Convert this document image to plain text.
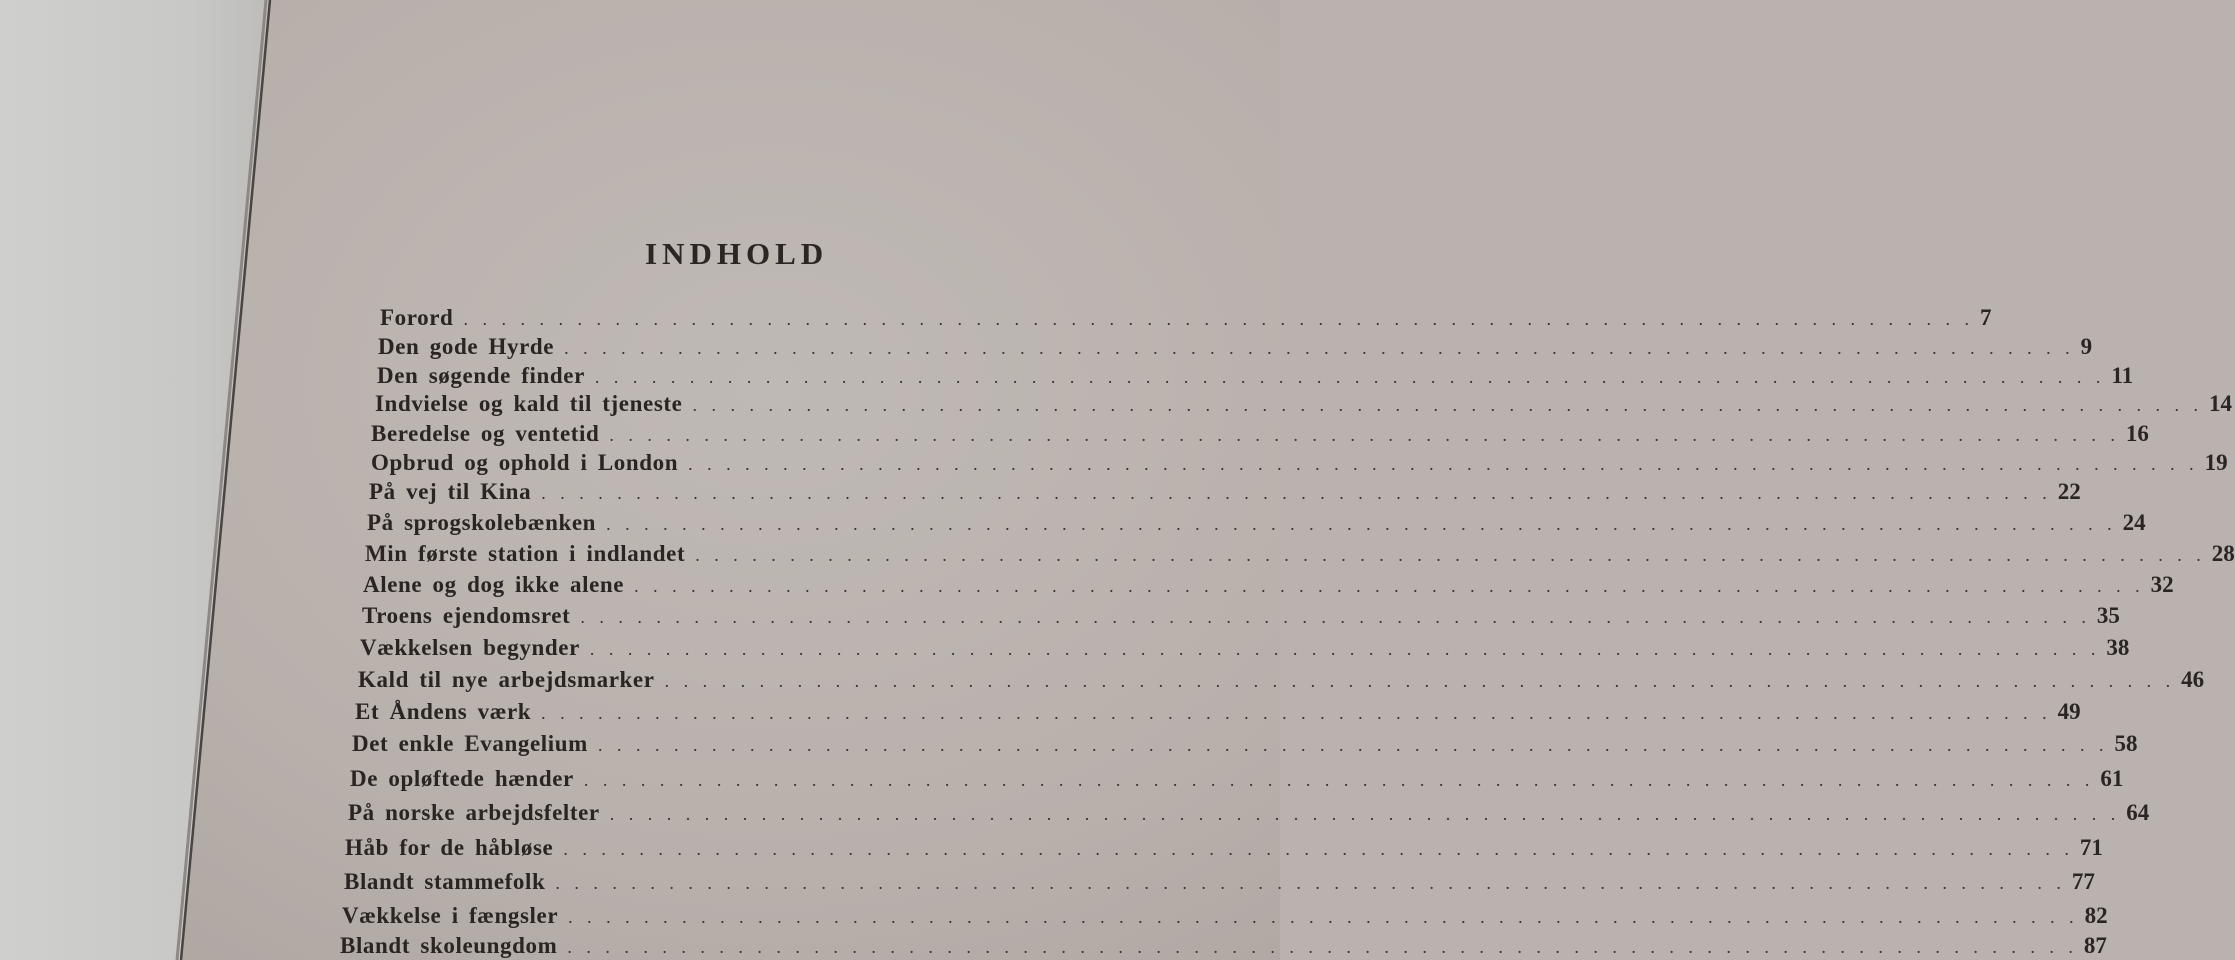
INDHOLD
Forord . . . . . . . . . . . . . . . . . . . . . . . . . . . . . . . . . . . . . . . . . . . . . . . . . . . . . . . . . . . . . . . . . . . . . . . . . . . . . . . . 7
Den gode Hyrde . . . . . . . . . . . . . . . . . . . . . . . . . . . . . . . . . . . . . . . . . . . . . . . . . . . . . . . . . . . . . . . . . . . . . . . . . . . . . . . . 9
Den søgende finder . . . . . . . . . . . . . . . . . . . . . . . . . . . . . . . . . . . . . . . . . . . . . . . . . . . . . . . . . . . . . . . . . . . . . . . . . . . . . . . . 11
Indvielse og kald til tjeneste . . . . . . . . . . . . . . . . . . . . . . . . . . . . . . . . . . . . . . . . . . . . . . . . . . . . . . . . . . . . . . . . . . . . . . . . . . . . . . . . 14
Beredelse og ventetid . . . . . . . . . . . . . . . . . . . . . . . . . . . . . . . . . . . . . . . . . . . . . . . . . . . . . . . . . . . . . . . . . . . . . . . . . . . . . . . . 16
Opbrud og ophold i London . . . . . . . . . . . . . . . . . . . . . . . . . . . . . . . . . . . . . . . . . . . . . . . . . . . . . . . . . . . . . . . . . . . . . . . . . . . . . . . . 19
På vej til Kina . . . . . . . . . . . . . . . . . . . . . . . . . . . . . . . . . . . . . . . . . . . . . . . . . . . . . . . . . . . . . . . . . . . . . . . . . . . . . . . . 22
På sprogskolebænken . . . . . . . . . . . . . . . . . . . . . . . . . . . . . . . . . . . . . . . . . . . . . . . . . . . . . . . . . . . . . . . . . . . . . . . . . . . . . . . . 24
Min første station i indlandet . . . . . . . . . . . . . . . . . . . . . . . . . . . . . . . . . . . . . . . . . . . . . . . . . . . . . . . . . . . . . . . . . . . . . . . . . . . . . . . . 28
Alene og dog ikke alene . . . . . . . . . . . . . . . . . . . . . . . . . . . . . . . . . . . . . . . . . . . . . . . . . . . . . . . . . . . . . . . . . . . . . . . . . . . . . . . . 32
Troens ejendomsret . . . . . . . . . . . . . . . . . . . . . . . . . . . . . . . . . . . . . . . . . . . . . . . . . . . . . . . . . . . . . . . . . . . . . . . . . . . . . . . . 35
Vækkelsen begynder . . . . . . . . . . . . . . . . . . . . . . . . . . . . . . . . . . . . . . . . . . . . . . . . . . . . . . . . . . . . . . . . . . . . . . . . . . . . . . . . 38
Kald til nye arbejdsmarker . . . . . . . . . . . . . . . . . . . . . . . . . . . . . . . . . . . . . . . . . . . . . . . . . . . . . . . . . . . . . . . . . . . . . . . . . . . . . . . . 46
Et Åndens værk . . . . . . . . . . . . . . . . . . . . . . . . . . . . . . . . . . . . . . . . . . . . . . . . . . . . . . . . . . . . . . . . . . . . . . . . . . . . . . . . 49
Det enkle Evangelium . . . . . . . . . . . . . . . . . . . . . . . . . . . . . . . . . . . . . . . . . . . . . . . . . . . . . . . . . . . . . . . . . . . . . . . . . . . . . . . . 58
De opløftede hænder . . . . . . . . . . . . . . . . . . . . . . . . . . . . . . . . . . . . . . . . . . . . . . . . . . . . . . . . . . . . . . . . . . . . . . . . . . . . . . . . 61
På norske arbejdsfelter . . . . . . . . . . . . . . . . . . . . . . . . . . . . . . . . . . . . . . . . . . . . . . . . . . . . . . . . . . . . . . . . . . . . . . . . . . . . . . . . 64
Håb for de håbløse . . . . . . . . . . . . . . . . . . . . . . . . . . . . . . . . . . . . . . . . . . . . . . . . . . . . . . . . . . . . . . . . . . . . . . . . . . . . . . . . 71
Blandt stammefolk . . . . . . . . . . . . . . . . . . . . . . . . . . . . . . . . . . . . . . . . . . . . . . . . . . . . . . . . . . . . . . . . . . . . . . . . . . . . . . . . 77
Vækkelse i fængsler . . . . . . . . . . . . . . . . . . . . . . . . . . . . . . . . . . . . . . . . . . . . . . . . . . . . . . . . . . . . . . . . . . . . . . . . . . . . . . . . 82
Blandt skoleungdom . . . . . . . . . . . . . . . . . . . . . . . . . . . . . . . . . . . . . . . . . . . . . . . . . . . . . . . . . . . . . . . . . . . . . . . . . . . . . . . . 87
